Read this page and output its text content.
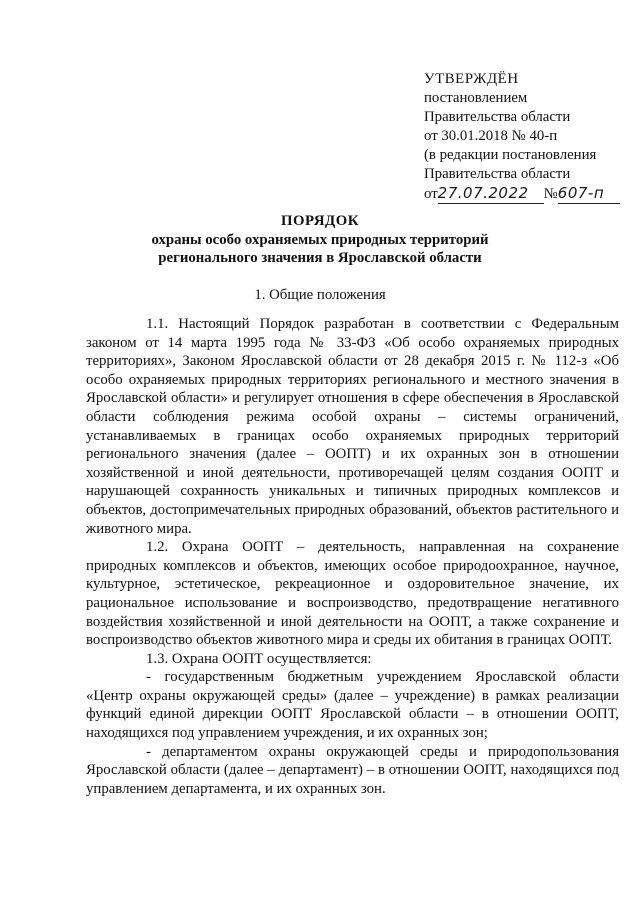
УТВЕРЖДЁН
постановлением
Правительства области
от 30.01.2018 № 40-п
(в редакции постановления
Правительства области
от27.07.2022 №607-п
ПОРЯДОК
охраны особо охраняемых природных территорий
регионального значения в Ярославской области
1. Общие положения

1.1. Настоящий Порядок разработан в соответствии с Федеральным законом от 14 марта 1995 года № 33-ФЗ «Об особо охраняемых природных территориях», Законом Ярославской области от 28 декабря 2015 г. № 112-з «Об особо охраняемых природных территориях регионального и местного значения в Ярославской области» и регулирует отношения в сфере обеспечения в Ярославской области соблюдения режима особой охраны – системы ограничений, устанавливаемых в границах особо охраняемых природных территорий регионального значения (далее – ООПТ) и их охранных зон в отношении хозяйственной и иной деятельности, противоречащей целям создания ООПТ и нарушающей сохранность уникальных и типичных природных комплексов и объектов, достопримечательных природных образований, объектов растительного и животного мира.

1.2. Охрана ООПТ – деятельность, направленная на сохранение природных комплексов и объектов, имеющих особое природоохранное, научное, культурное, эстетическое, рекреационное и оздоровительное значение, их рациональное использование и воспроизводство, предотвращение негативного воздействия хозяйственной и иной деятельности на ООПТ, а также сохранение и воспроизводство объектов животного мира и среды их обитания в границах ООПТ.

1.3. Охрана ООПТ осуществляется:

- государственным бюджетным учреждением Ярославской области «Центр охраны окружающей среды» (далее – учреждение) в рамках реализации функций единой дирекции ООПТ Ярославской области – в отношении ООПТ, находящихся под управлением учреждения, и их охранных зон;

- департаментом охраны окружающей среды и природопользования Ярославской области (далее – департамент) – в отношении ООПТ, находящихся под управлением департамента, и их охранных зон.
